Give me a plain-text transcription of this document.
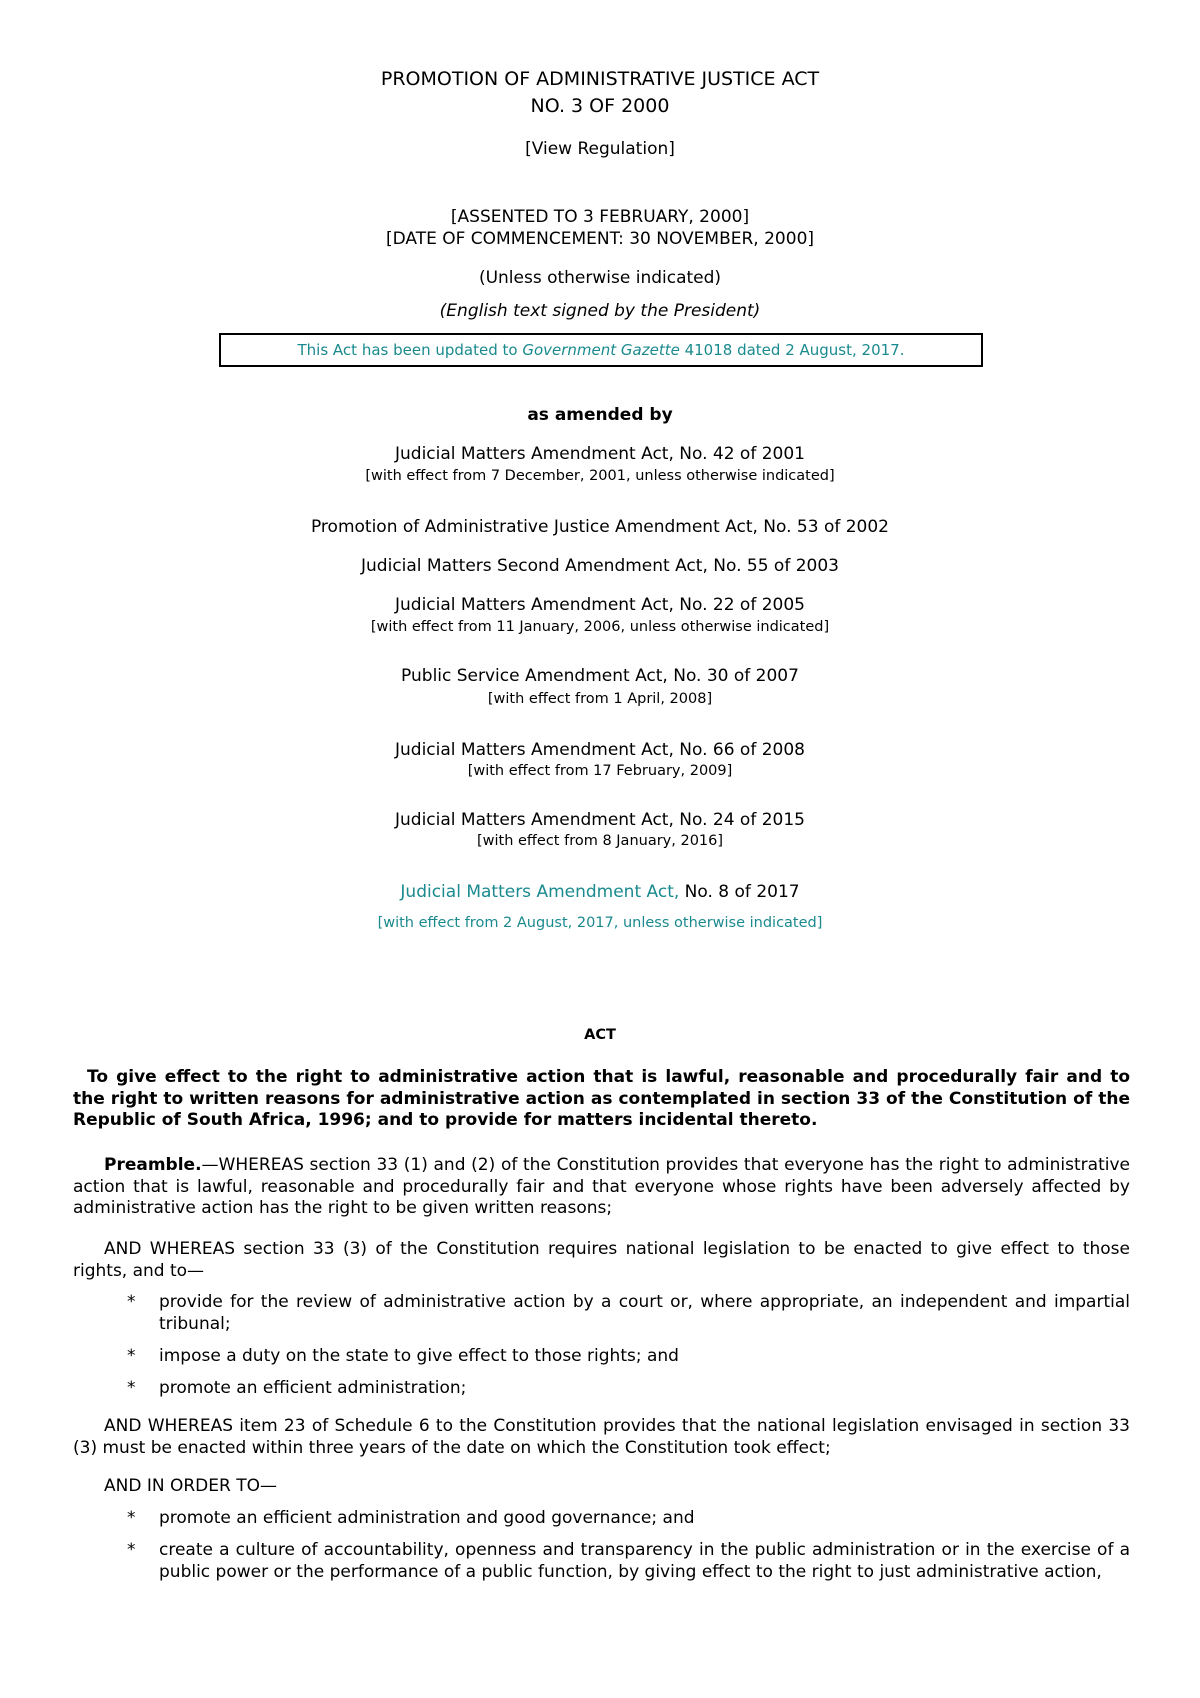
PROMOTION OF ADMINISTRATIVE JUSTICE ACT
NO. 3 OF 2000
[View Regulation]
[ASSENTED TO 3 FEBRUARY, 2000]
[DATE OF COMMENCEMENT: 30 NOVEMBER, 2000]
(Unless otherwise indicated)
(English text signed by the President)
This Act has been updated to Government Gazette 41018 dated 2 August, 2017.
as amended by
Judicial Matters Amendment Act, No. 42 of 2001
[with effect from 7 December, 2001, unless otherwise indicated]
Promotion of Administrative Justice Amendment Act, No. 53 of 2002
Judicial Matters Second Amendment Act, No. 55 of 2003
Judicial Matters Amendment Act, No. 22 of 2005
[with effect from 11 January, 2006, unless otherwise indicated]
Public Service Amendment Act, No. 30 of 2007
[with effect from 1 April, 2008]
Judicial Matters Amendment Act, No. 66 of 2008
[with effect from 17 February, 2009]
Judicial Matters Amendment Act, No. 24 of 2015
[with effect from 8 January, 2016]
Judicial Matters Amendment Act, No. 8 of 2017
[with effect from 2 August, 2017, unless otherwise indicated]
ACT
To give effect to the right to administrative action that is lawful, reasonable and procedurally fair and to the right to written reasons for administrative action as contemplated in section 33 of the Constitution of the Republic of South Africa, 1996; and to provide for matters incidental thereto.
Preamble.—WHEREAS section 33 (1) and (2) of the Constitution provides that everyone has the right to administrative action that is lawful, reasonable and procedurally fair and that everyone whose rights have been adversely affected by administrative action has the right to be given written reasons;
AND WHEREAS section 33 (3) of the Constitution requires national legislation to be enacted to give effect to those rights, and to—
* provide for the review of administrative action by a court or, where appropriate, an independent and impartial tribunal;
* impose a duty on the state to give effect to those rights; and
* promote an efficient administration;
AND WHEREAS item 23 of Schedule 6 to the Constitution provides that the national legislation envisaged in section 33 (3) must be enacted within three years of the date on which the Constitution took effect;
AND IN ORDER TO—
* promote an efficient administration and good governance; and
* create a culture of accountability, openness and transparency in the public administration or in the exercise of a public power or the performance of a public function, by giving effect to the right to just administrative action,
